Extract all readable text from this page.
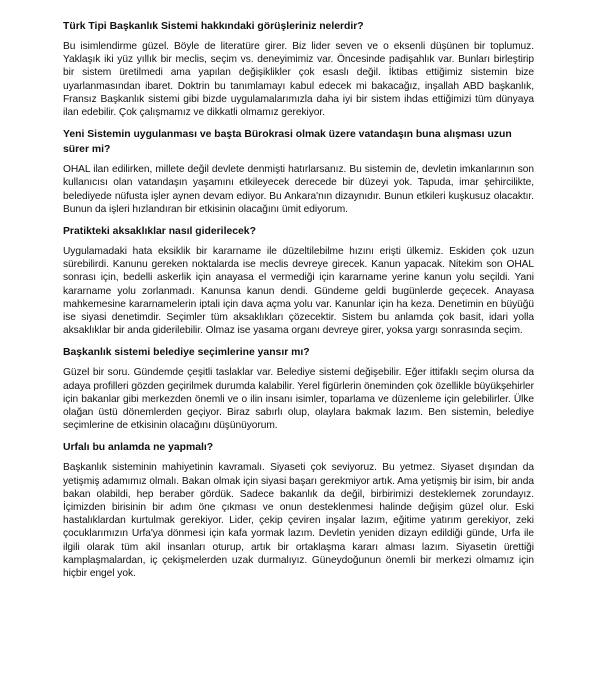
Türk Tipi Başkanlık Sistemi hakkındaki görüşleriniz nelerdir?
Bu isimlendirme güzel. Böyle de literatüre girer. Biz lider seven ve o eksenli düşünen bir toplumuz. Yaklaşık iki yüz yıllık bir meclis, seçim vs. deneyimimiz var. Öncesinde padişahlık var. Bunları birleştirip bir sistem üretilmedi ama yapılan değişiklikler çok esaslı değil. İktibas ettiğimiz sistemin bize uyarlanmasından ibaret. Doktrin bu tanımlamayı kabul edecek mi bakacağız, inşallah ABD başkanlık, Fransız Başkanlık sistemi gibi bizde uygulamalarımızla daha iyi bir sistem ihdas ettiğimizi tüm dünyaya ilan edebilir. Çok çalışmamız ve dikkatli olmamız gerekiyor.
Yeni Sistemin uygulanması ve başta Bürokrasi olmak üzere vatandaşın buna alışması uzun sürer mi?
OHAL ilan edilirken, millete değil devlete denmişti hatırlarsanız. Bu sistemin de, devletin imkanlarının son kullanıcısı olan vatandaşın yaşamını etkileyecek derecede bir düzeyi yok. Tapuda, imar şehircilikte, belediyede nüfusta işler aynen devam ediyor. Bu Ankara'nın dizaynıdır. Bunun etkileri kuşkusuz olacaktır. Bunun da işleri hızlandıran bir etkisinin olacağını ümit ediyorum.
Pratikteki aksaklıklar nasıl giderilecek?
Uygulamadaki hata eksiklik bir kararname ile düzeltilebilme hızını erişti ülkemiz. Eskiden çok uzun sürebilirdi. Kanunu gereken noktalarda ise meclis devreye girecek. Kanun yapacak. Nitekim son OHAL sonrası için, bedelli askerlik için anayasa el vermediği için kararname yerine kanun yolu seçildi. Yani kararname yolu zorlanmadı. Kanunsa kanun dendi. Gündeme geldi bugünlerde geçecek. Anayasa mahkemesine kararnamelerin iptali için dava açma yolu var. Kanunlar için ha keza. Denetimin en büyüğü ise siyasi denetimdir. Seçimler tüm aksaklıkları çözecektir. Sistem bu anlamda çok basit, idari yolla aksaklıklar bir anda giderilebilir. Olmaz ise yasama organı devreye girer, yoksa yargı sonrasında seçim.
Başkanlık sistemi belediye seçimlerine yansır mı?
Güzel bir soru. Gündemde çeşitli taslaklar var. Belediye sistemi değişebilir. Eğer ittifaklı seçim olursa da adaya profilleri gözden geçirilmek durumda kalabilir. Yerel figürlerin öneminden çok özellikle büyükşehirler için bakanlar gibi merkezden önemli ve o ilin insanı isimler, toparlama ve düzenleme için gelebilirler. Ülke olağan üstü dönemlerden geçiyor. Biraz sabırlı olup, olaylara bakmak lazım. Ben sistemin, belediye seçimlerine de etkisinin olacağını düşünüyorum.
Urfalı bu anlamda ne yapmalı?
Başkanlık sisteminin mahiyetinin kavramalı. Siyaseti çok seviyoruz. Bu yetmez. Siyaset dışından da yetişmiş adamımız olmalı. Bakan olmak için siyasi başarı gerekmiyor artık. Ama yetişmiş bir isim, bir anda bakan olabildi, hep beraber gördük. Sadece bakanlık da değil, birbirimizi desteklemek zorundayız. İçimizden birisinin bir adım öne çıkması ve onun desteklenmesi halinde değişim güzel olur. Eski hastalıklardan kurtulmak gerekiyor. Lider, çekip çeviren inşalar lazım, eğitime yatırım gerekiyor, zeki çocuklarımızın Urfa'ya dönmesi için kafa yormak lazım. Devletin yeniden dizayn edildiği günde, Urfa ile ilgili olarak tüm akil insanları oturup, artık bir ortaklaşma kararı alması lazım. Siyasetin ürettiği kamplaşmalardan, iç çekişmelerden uzak durmalıyız. Güneydoğunun önemli bir merkezi olmamız için hiçbir engel yok.
